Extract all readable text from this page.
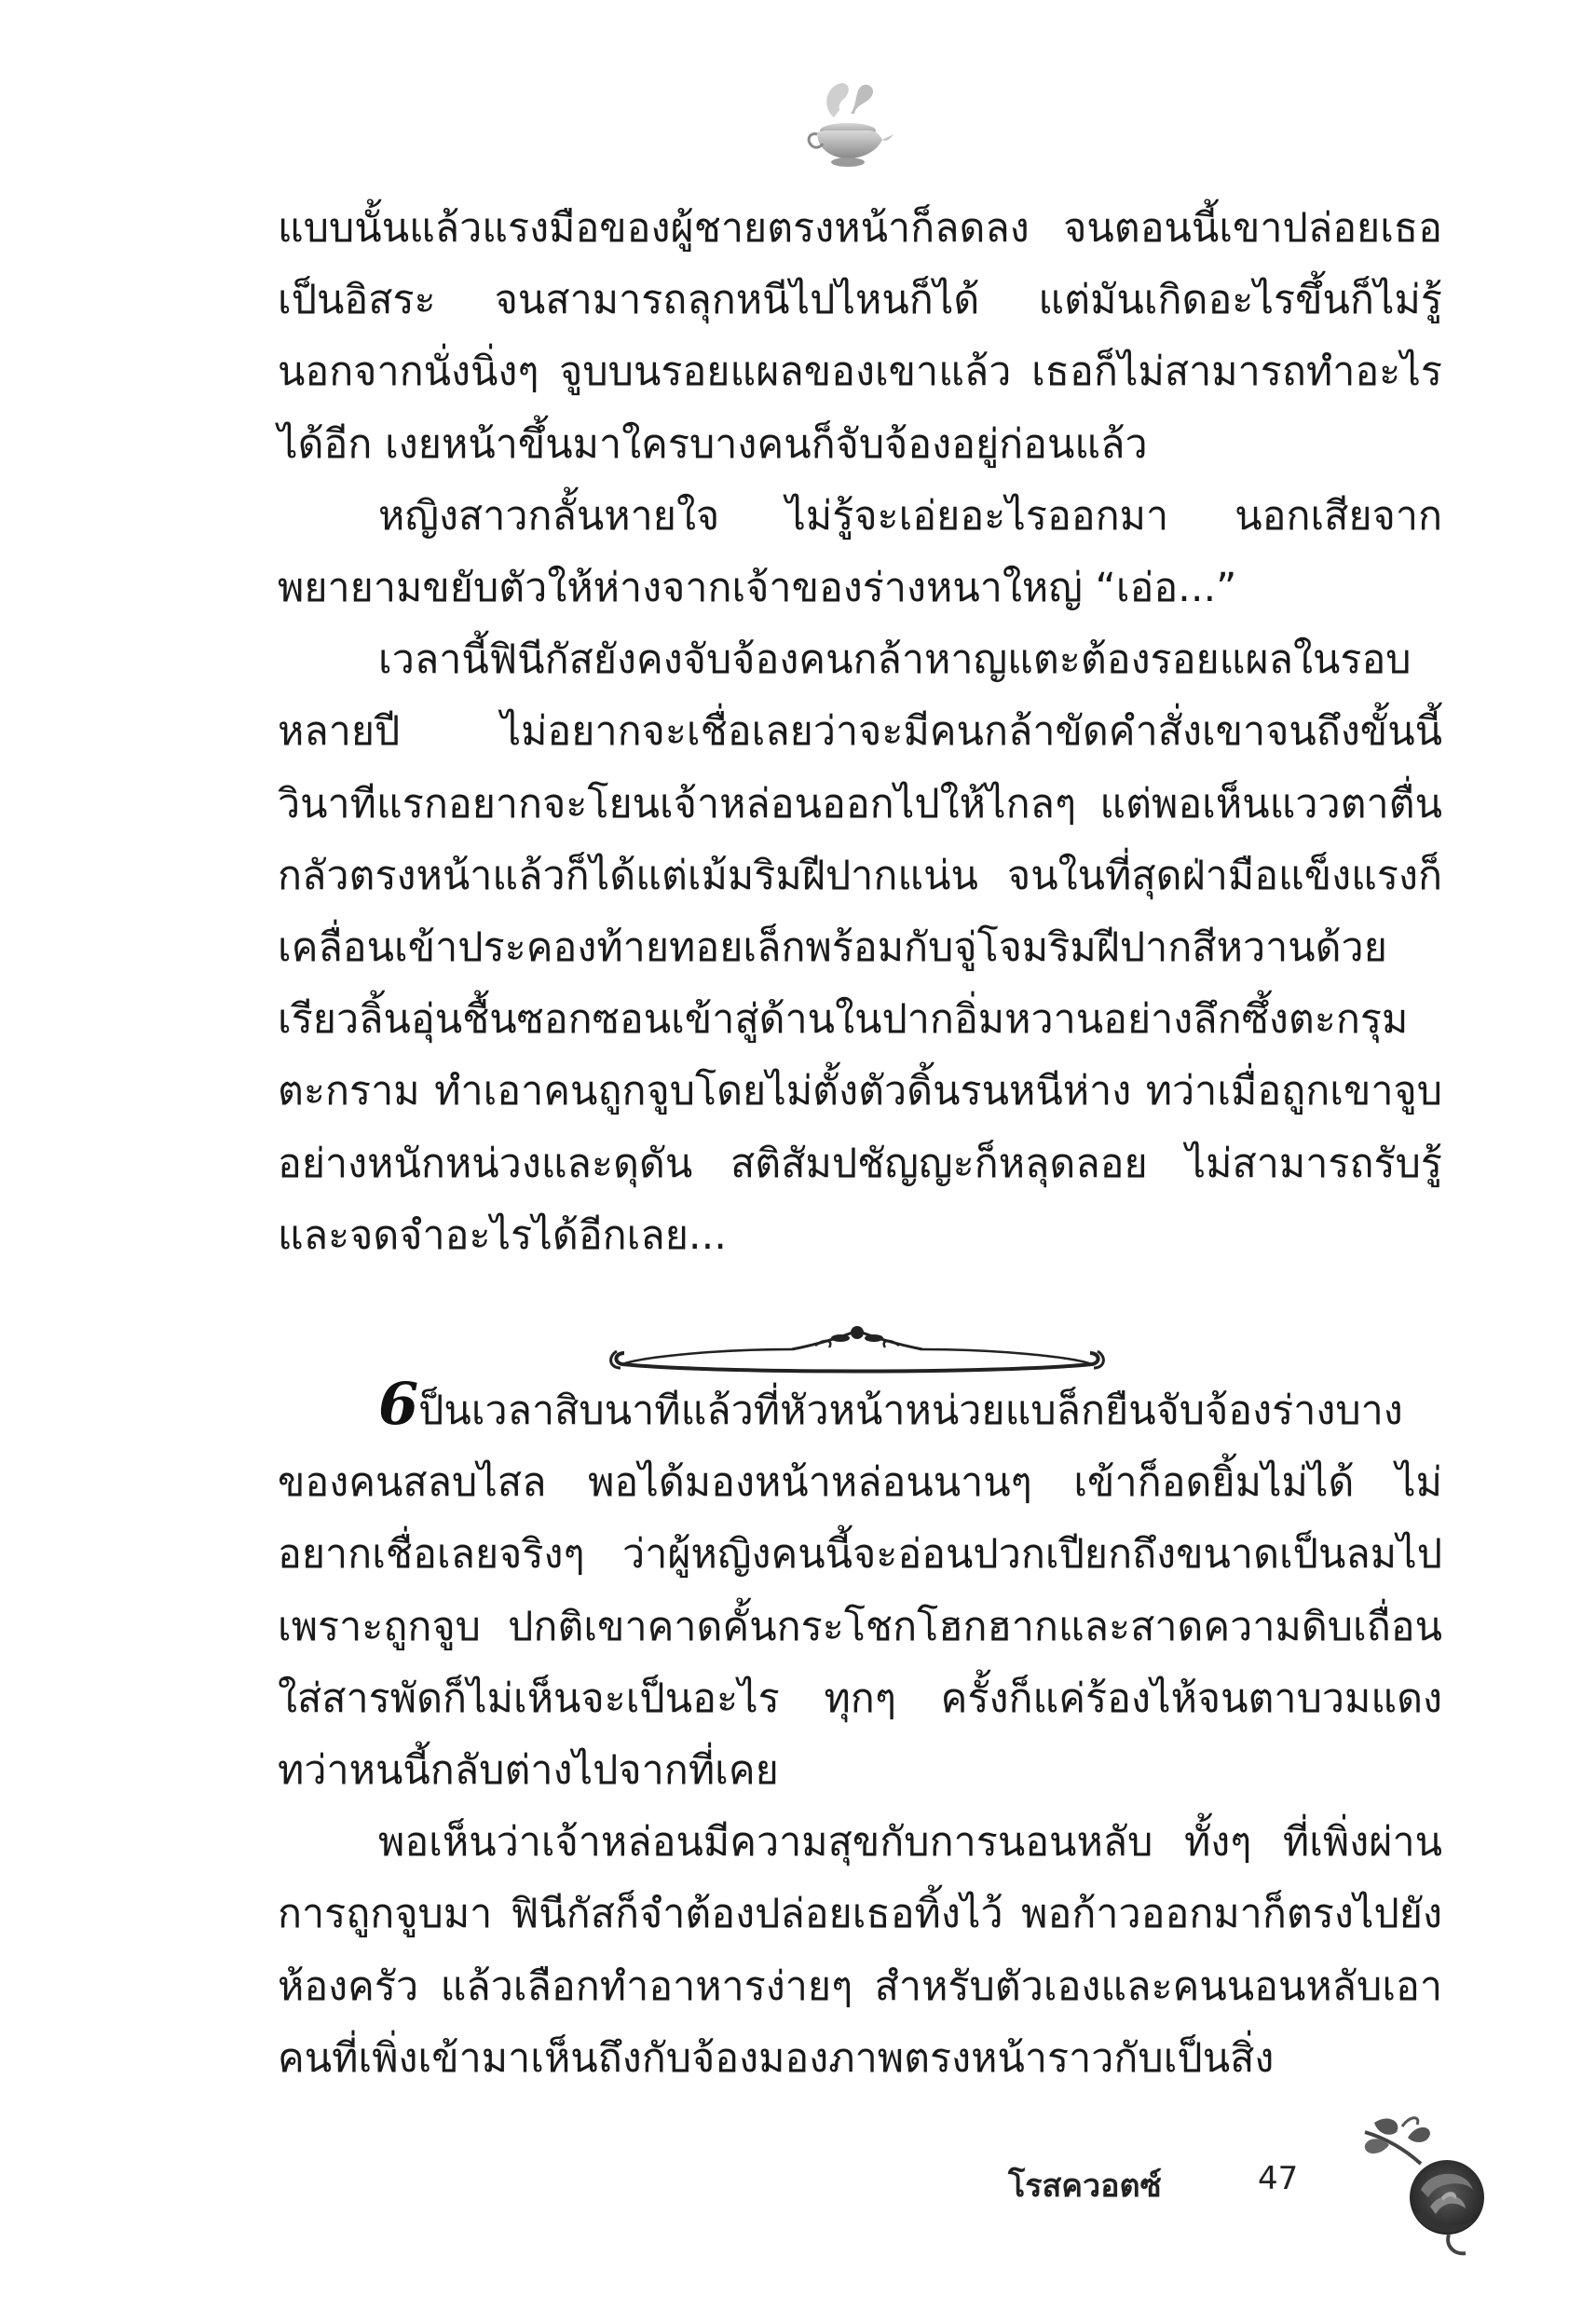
แบบนั้นแล้วแรงมือของผู้ชายตรงหน้าก็ลดลง จนตอนนี้เขาปล่อยเธอเป็นอิสระ จนสามารถลุกหนีไปไหนก็ได้ แต่มันเกิดอะไรขึ้นก็ไม่รู้ นอกจากนั่งนิ่งๆ จูบบนรอยแผลของเขาแล้ว เธอก็ไม่สามารถทำอะไรได้อีก เงยหน้าขึ้นมาใครบางคนก็จับจ้องอยู่ก่อนแล้ว

หญิงสาวกลั้นหายใจ ไม่รู้จะเอ่ยอะไรออกมา นอกเสียจากพยายามขยับตัวให้ห่างจากเจ้าของร่างหนาใหญ่ “เอ่อ...”

เวลานี้ฟินีกัสยังคงจับจ้องคนกล้าหาญแตะต้องรอยแผลในรอบหลายปี ไม่อยากจะเชื่อเลยว่าจะมีคนกล้าขัดคำสั่งเขาจนถึงขั้นนี้ วินาทีแรกอยากจะโยนเจ้าหล่อนออกไปให้ไกลๆ แต่พอเห็นแววตาตื่นกลัวตรงหน้าแล้วก็ได้แต่เม้มริมฝีปากแน่น จนในที่สุดฝ่ามือแข็งแรงก็เคลื่อนเข้าประคองท้ายทอยเล็กพร้อมกับจู่โจมริมฝีปากสีหวานด้วยเรียวลิ้นอุ่นชื้นซอกซอนเข้าสู่ด้านในปากอิ่มหวานอย่างลึกซึ้งตะกรุมตะกราม ทำเอาคนถูกจูบโดยไม่ตั้งตัวดิ้นรนหนีห่าง ทว่าเมื่อถูกเขาจูบอย่างหนักหน่วงและดุดัน สติสัมปชัญญะก็หลุดลอย ไม่สามารถรับรู้และจดจำอะไรได้อีกเลย...

6ป็นเวลาสิบนาทีแล้วที่หัวหน้าหน่วยแบล็กยืนจับจ้องร่างบางของคนสลบไสล พอได้มองหน้าหล่อนนานๆ เข้าก็อดยิ้มไม่ได้ ไม่อยากเชื่อเลยจริงๆ ว่าผู้หญิงคนนี้จะอ่อนปวกเปียกถึงขนาดเป็นลมไปเพราะถูกจูบ ปกติเขาคาดคั้นกระโชกโฮกฮากและสาดความดิบเถื่อนใส่สารพัดก็ไม่เห็นจะเป็นอะไร ทุกๆ ครั้งก็แค่ร้องไห้จนตาบวมแดง ทว่าหนนี้กลับต่างไปจากที่เคย

พอเห็นว่าเจ้าหล่อนมีความสุขกับการนอนหลับ ทั้งๆ ที่เพิ่งผ่านการถูกจูบมา ฟินีกัสก็จำต้องปล่อยเธอทิ้งไว้ พอก้าวออกมาก็ตรงไปยังห้องครัว แล้วเลือกทำอาหารง่ายๆ สำหรับตัวเองและคนนอนหลับเอาคนที่เพิ่งเข้ามาเห็นถึงกับจ้องมองภาพตรงหน้าราวกับเป็นสิ่ง

โรสควอตซ์	47
